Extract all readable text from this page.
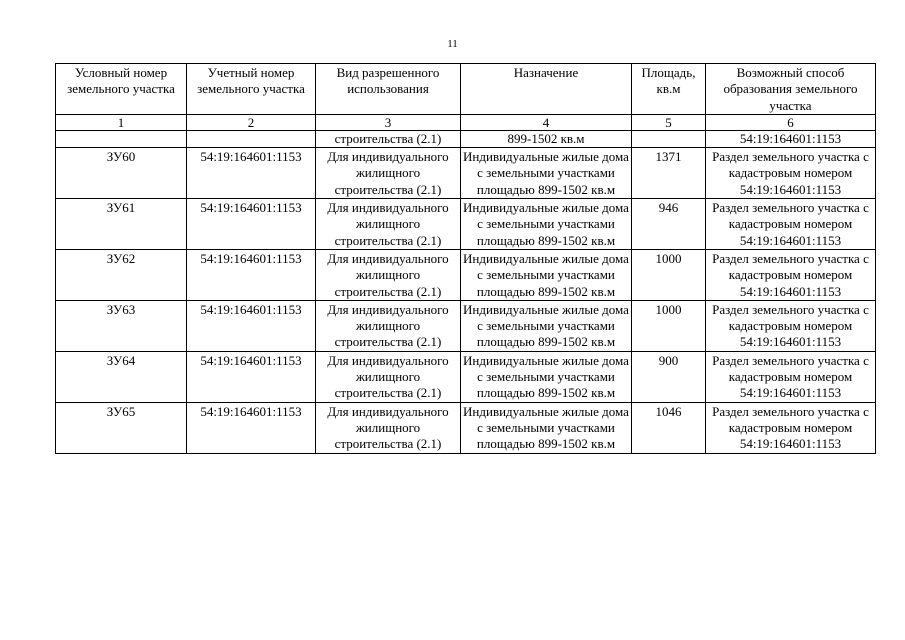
11
Условный номер земельного участка	Учетный номер земельного участка	Вид разрешенного использования	Назначение	Площадь, кв.м	Возможный способ образования земельного участка
1	2	3	4	5	6
		строительства (2.1)	899-1502 кв.м		54:19:164601:1153
ЗУ60	54:19:164601:1153	Для индивидуального жилищного строительства (2.1)	Индивидуальные жилые дома с земельными участками площадью 899-1502 кв.м	1371	Раздел земельного участка с кадастровым номером 54:19:164601:1153
ЗУ61	54:19:164601:1153	Для индивидуального жилищного строительства (2.1)	Индивидуальные жилые дома с земельными участками площадью 899-1502 кв.м	946	Раздел земельного участка с кадастровым номером 54:19:164601:1153
ЗУ62	54:19:164601:1153	Для индивидуального жилищного строительства (2.1)	Индивидуальные жилые дома с земельными участками площадью 899-1502 кв.м	1000	Раздел земельного участка с кадастровым номером 54:19:164601:1153
ЗУ63	54:19:164601:1153	Для индивидуального жилищного строительства (2.1)	Индивидуальные жилые дома с земельными участками площадью 899-1502 кв.м	1000	Раздел земельного участка с кадастровым номером 54:19:164601:1153
ЗУ64	54:19:164601:1153	Для индивидуального жилищного строительства (2.1)	Индивидуальные жилые дома с земельными участками площадью 899-1502 кв.м	900	Раздел земельного участка с кадастровым номером 54:19:164601:1153
ЗУ65	54:19:164601:1153	Для индивидуального жилищного строительства (2.1)	Индивидуальные жилые дома с земельными участками площадью 899-1502 кв.м	1046	Раздел земельного участка с кадастровым номером 54:19:164601:1153
